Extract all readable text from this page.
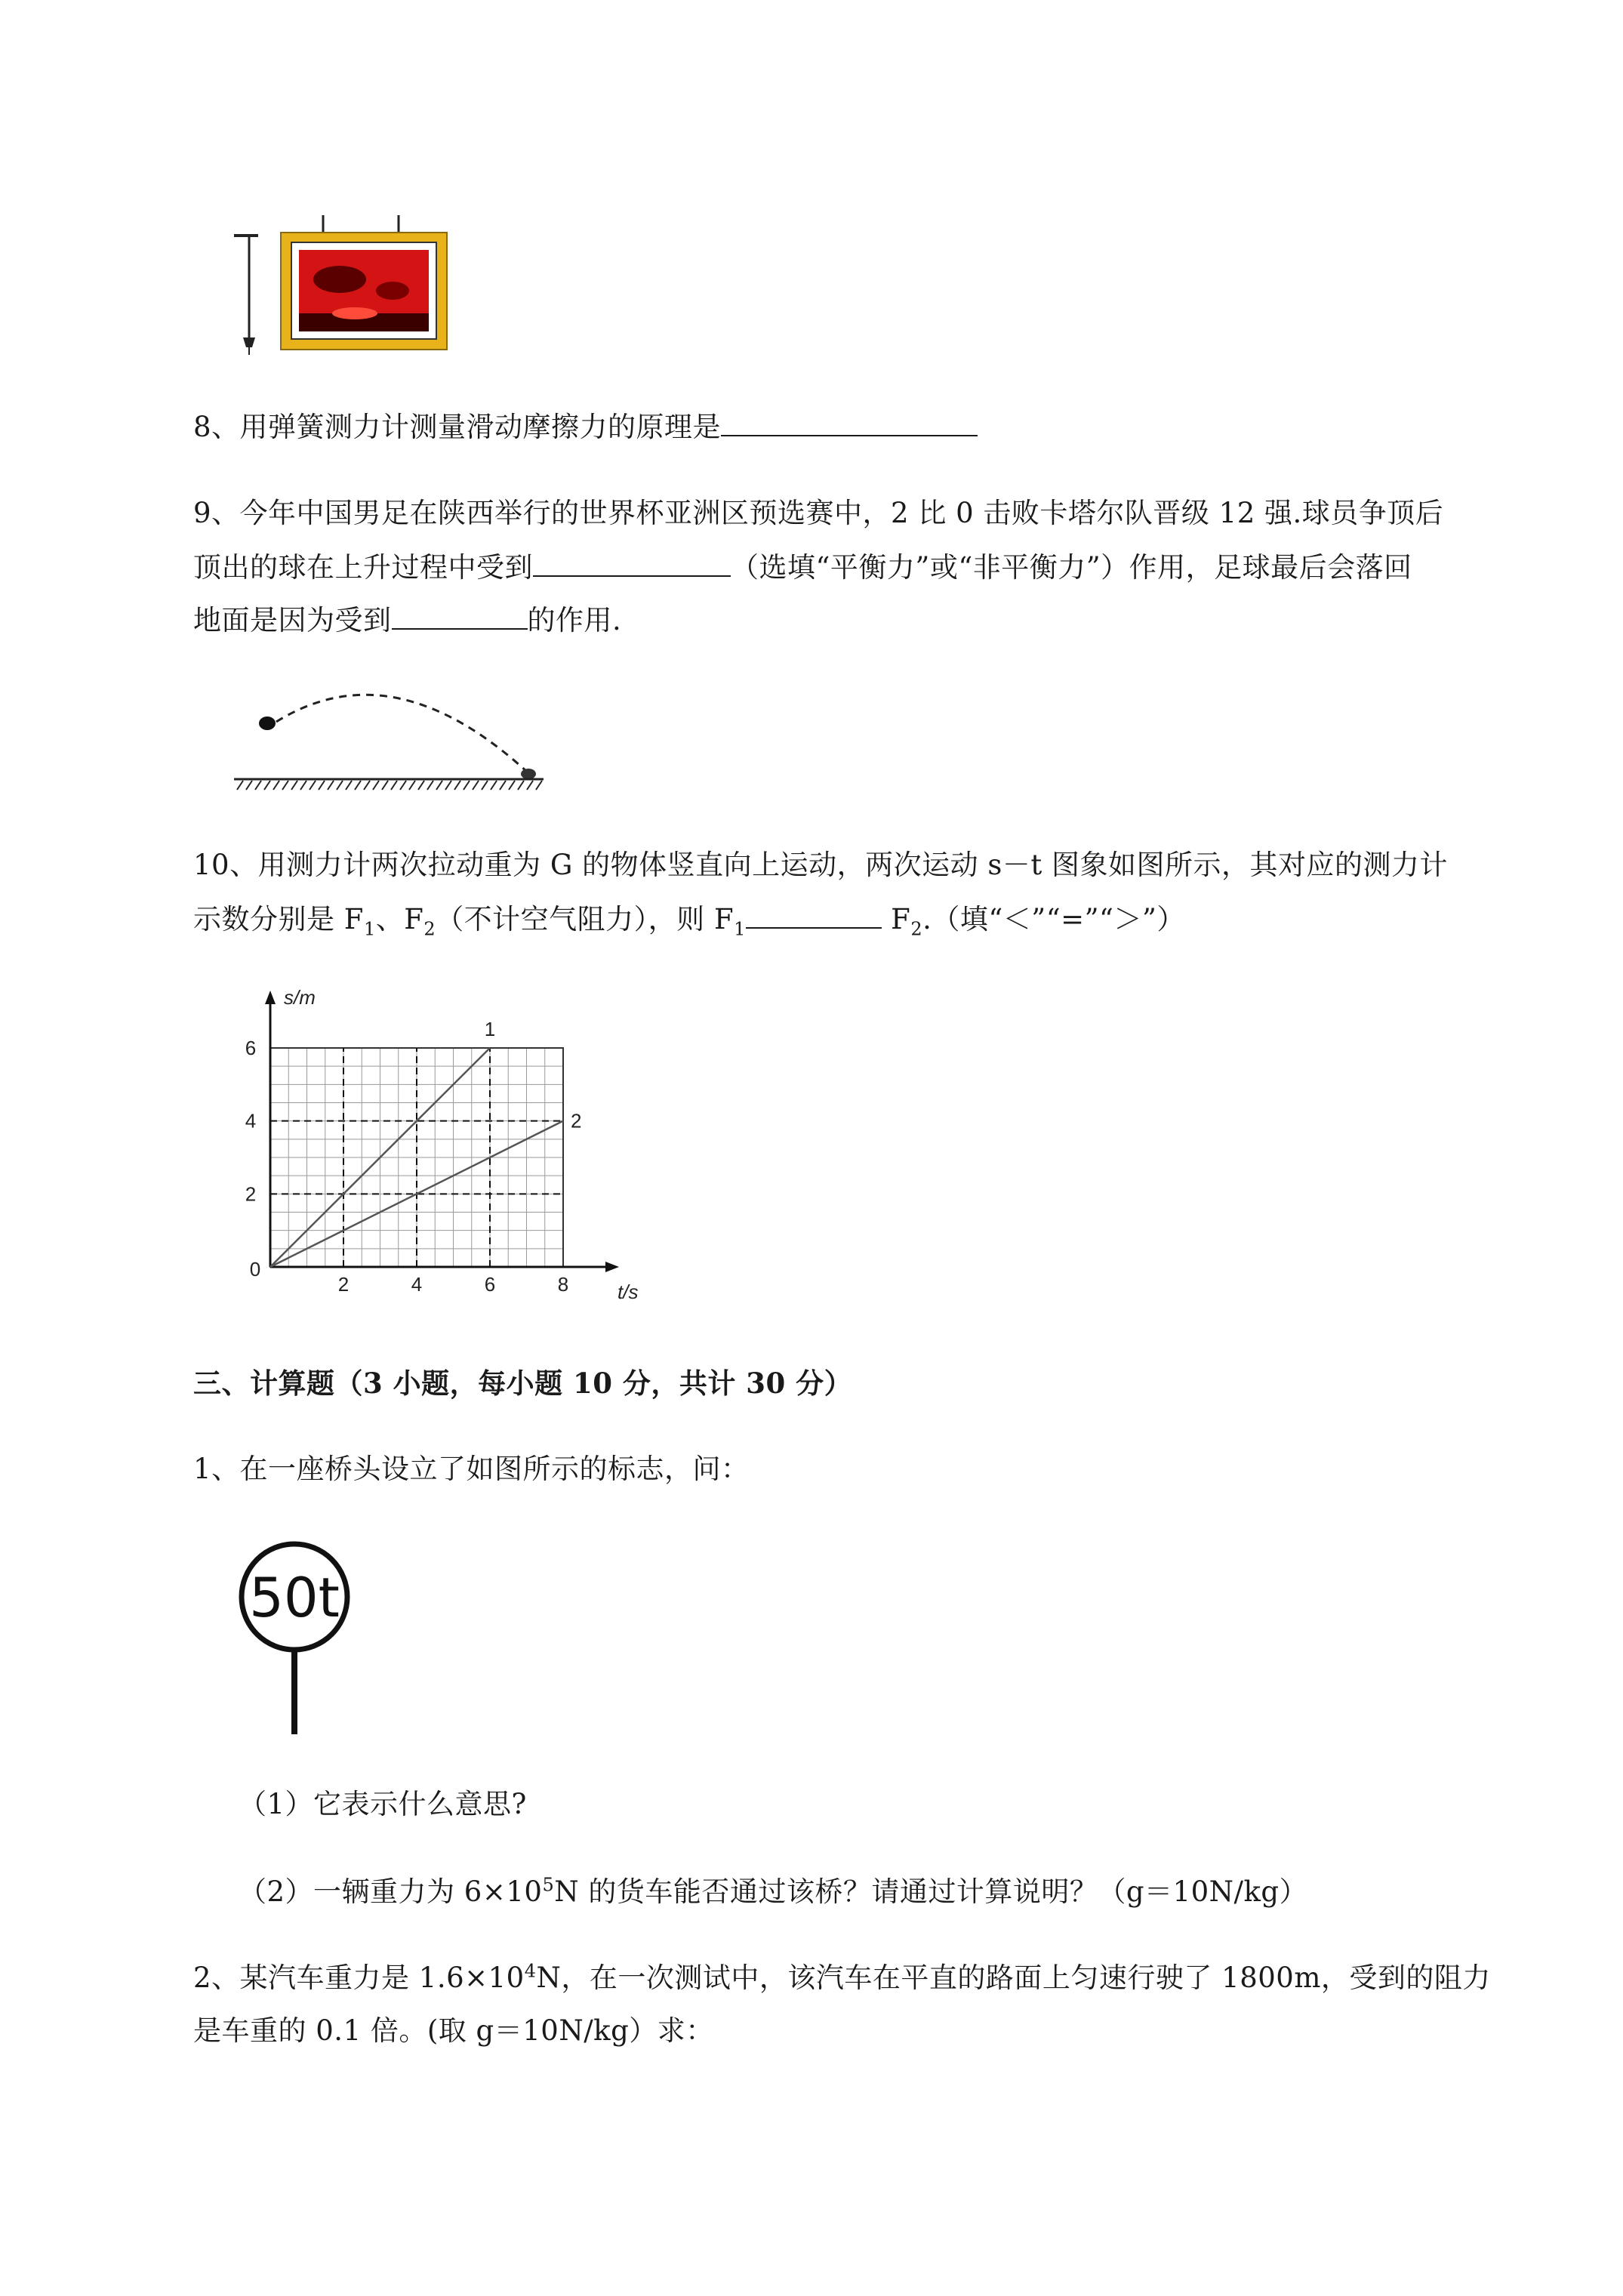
8、用弹簧测力计测量滑动摩擦力的原理是
9、今年中国男足在陕西举行的世界杯亚洲区预选赛中，2 比 0 击败卡塔尔队晋级 12 强.球员争顶后
顶出的球在上升过程中受到	（选填“平衡力”或“非平衡力”）作用，足球最后会落回
地面是因为受到	的作用.
10、用测力计两次拉动重为 G 的物体竖直向上运动，两次运动 s－t 图象如图所示，其对应的测力计
示数分别是 $F_1$、$F_2$（不计空气阻力），则 $F_1$	$F_2$.（填“＜”“=”“＞”）
1
2
2	4	6	8
2
4
6
0
s/m
t/s
三、计算题（3 小题，每小题 10 分，共计 30 分）
1、在一座桥头设立了如图所示的标志，问：
50t
（1）它表示什么意思?
（2）一辆重力为 $6\times 10^5N$ 的货车能否通过该桥？请通过计算说明？（g＝10N/kg）
2、某汽车重力是 $1.6\times 10^4N$，在一次测试中，该汽车在平直的路面上匀速行驶了 1800m，受到的阻力
是车重的 0.1 倍。(取 g＝10N/kg）求：
